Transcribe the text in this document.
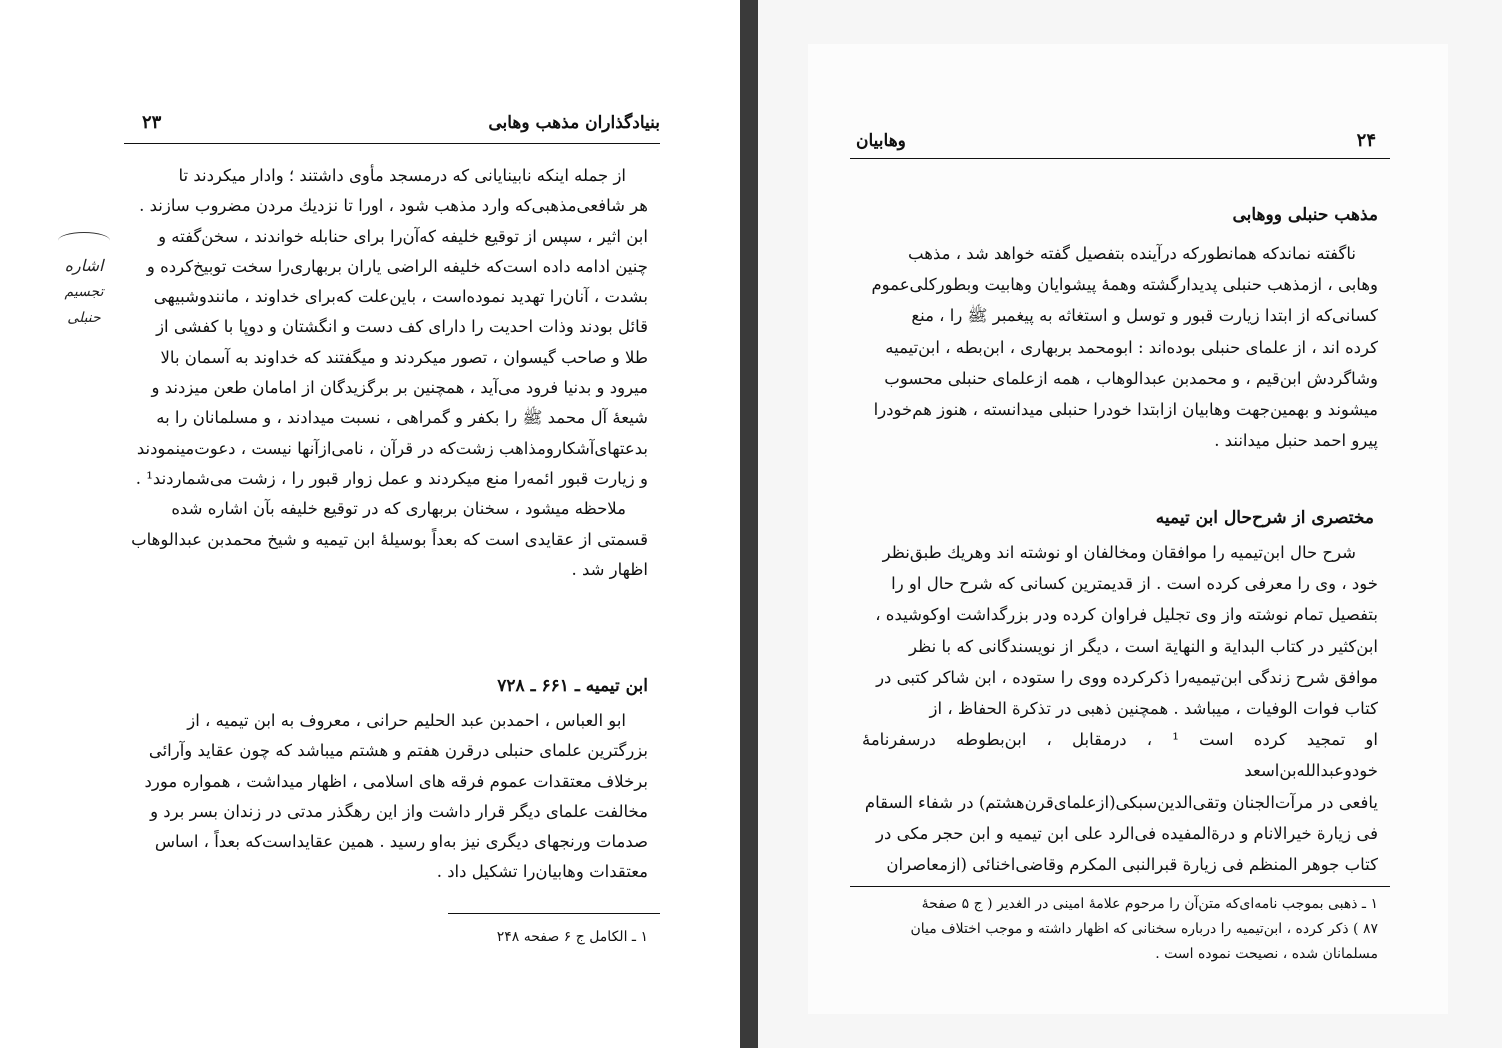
بنیادگذاران مذهب وهابی
۲۳

از جمله اینکه نابینایانی که درمسجد مأوی داشتند ؛ وادار میکردند تا

هر شافعی‌مذهبی‌که وارد مذهب شود ، اورا تا نزدیك مردن مضروب سازند .

ابن اثیر ، سپس از توقیع خلیفه که‌آن‌را برای حنابله خواندند ، سخن‌گفته و

چنین ادامه داده است‌که خلیفه الراضی یاران بربهاری‌را سخت توبیخ‌کرده و

بشدت ، آنان‌را تهدید نموده‌است ، باین‌علت که‌برای خداوند ، مانندوشبیهی

قائل بودند وذات احدیت را دارای کف دست و انگشتان و دوپا با کفشی از

طلا و صاحب گیسوان ، تصور میکردند و میگفتند که خداوند به آسمان بالا

میرود و بدنیا فرود می‌آید ، همچنین بر برگزیدگان از امامان طعن میزدند و

شیعهٔ آل محمد ﷺ را بکفر و گمراهی ، نسبت میدادند ، و مسلمانان را به

بدعتهای‌آشکارومذاهب زشت‌که در قرآن ، نامی‌ازآنها نیست ، دعوت‌مینمودند

و زیارت قبور ائمه‌را منع میکردند و عمل زوار قبور را ، زشت می‌شماردند¹ .

ملاحظه میشود ، سخنان بربهاری که در توقیع خلیفه بآن اشاره شده

قسمتی از عقایدی است که بعداً بوسیلهٔ ابن تیمیه و شیخ محمدبن عبدالوهاب

اظهار شد .

ابن تیمیه ـ ۶۶۱ ـ ۷۲۸

ابو العباس ، احمدبن عبد الحلیم حرانی ، معروف به ابن تیمیه ، از

بزرگترین علمای حنبلی درقرن هفتم و هشتم میباشد که چون عقاید وآرائی

برخلاف معتقدات عموم فرقه های اسلامی ، اظهار میداشت ، همواره مورد

مخالفت علمای دیگر قرار داشت واز این رهگذر مدتی در زندان بسر برد و

صدمات ورنجهای دیگری نیز به‌او رسید . همین عقایداست‌که بعداً ، اساس

معتقدات وهابیان‌را تشکیل داد .

۱ ـ الکامل ج ۶ صفحه ۲۴۸
اشاره
تجسیم حنبلی
۲۴
وهابیان
مذهب حنبلی ووهابی

ناگفته نماندکه همانطورکه درآینده بتفصیل گفته خواهد شد ، مذهب

وهابی ، ازمذهب حنبلی پدیدارگشته وهمهٔ پیشوایان وهابیت وبطورکلی‌عموم

کسانی‌که از ابتدا زیارت قبور و توسل و استغاثه به پیغمبر ﷺ را ، منع

کرده اند ، از علمای حنبلی بوده‌اند : ابومحمد بربهاری ، ابن‌بطه ، ابن‌تیمیه

وشاگردش ابن‌قیم ، و محمدبن عبدالوهاب ، همه ازعلمای حنبلی محسوب

میشوند و بهمین‌جهت وهابیان ازابتدا خودرا حنبلی میدانسته ، هنوز هم‌خودرا

پیرو احمد حنبل میدانند .

مختصری از شرح‌حال ابن تیمیه

شرح حال ابن‌تیمیه را موافقان ومخالفان او نوشته اند وهریك طبق‌نظر

خود ، وی را معرفی کرده است . از قدیمترین کسانی که شرح حال او را

بتفصیل تمام نوشته واز وی تجلیل فراوان کرده ودر بزرگداشت اوکوشیده ،

ابن‌کثیر در کتاب البدایة و النهایة است ، دیگر از نویسندگانی که با نظر

موافق شرح زندگی ابن‌تیمیه‌را ذکرکرده ووی را ستوده ، ابن شاکر کتبی در

کتاب فوات الوفیات ، میباشد . همچنین ذهبی در تذکرة الحفاظ ، از

او تمجید کرده است ¹ ، درمقابل ، ابن‌بطوطه درسفرنامهٔ خودوعبدالله‌بن‌اسعد

یافعی در مرآت‌الجنان وتقی‌الدین‌سبکی(ازعلمای‌قرن‌هشتم) در شفاء السقام

فی زیارة خیرالانام و درةالمفیده فی‌الرد علی ابن تیمیه و ابن حجر مکی در

کتاب جوهر المنظم فی زیارة قبرالنبی المکرم وقاضی‌اخنائی (ازمعاصران

۱ ـ ذهبی بموجب نامه‌ای‌که متن‌آن را مرحوم علامهٔ امینی در الغدیر ( ج ۵ صفحهٔ
۸۷ ) ذکر کرده ، ابن‌تیمیه را درباره سخنانی که اظهار داشته و موجب اختلاف میان
مسلمانان شده ، نصیحت نموده است .
